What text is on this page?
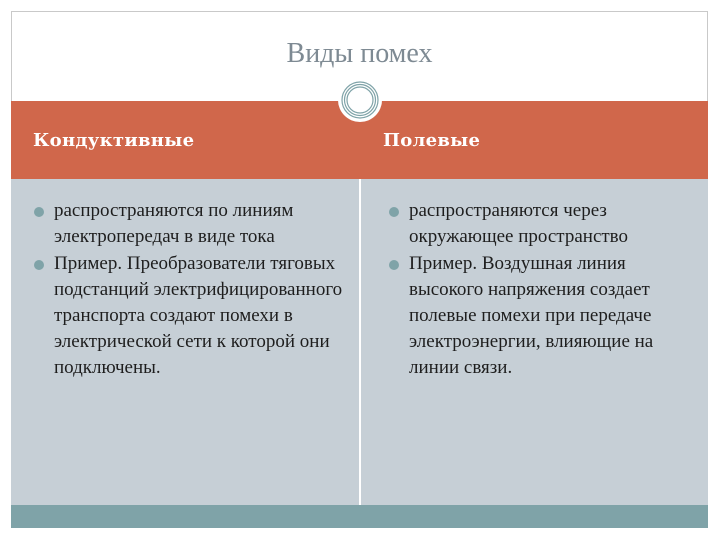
Виды помех
Кондуктивные	Полевые
распространяются по линиям электропередач в виде тока
Пример. Преобразователи тяговых подстанций электрифицированного транспорта создают помехи в электрической сети к которой они подключены.
распространяются через окружающее пространство
Пример. Воздушная линия высокого напряжения создает полевые помехи при передаче электроэнергии, влияющие на линии связи.
